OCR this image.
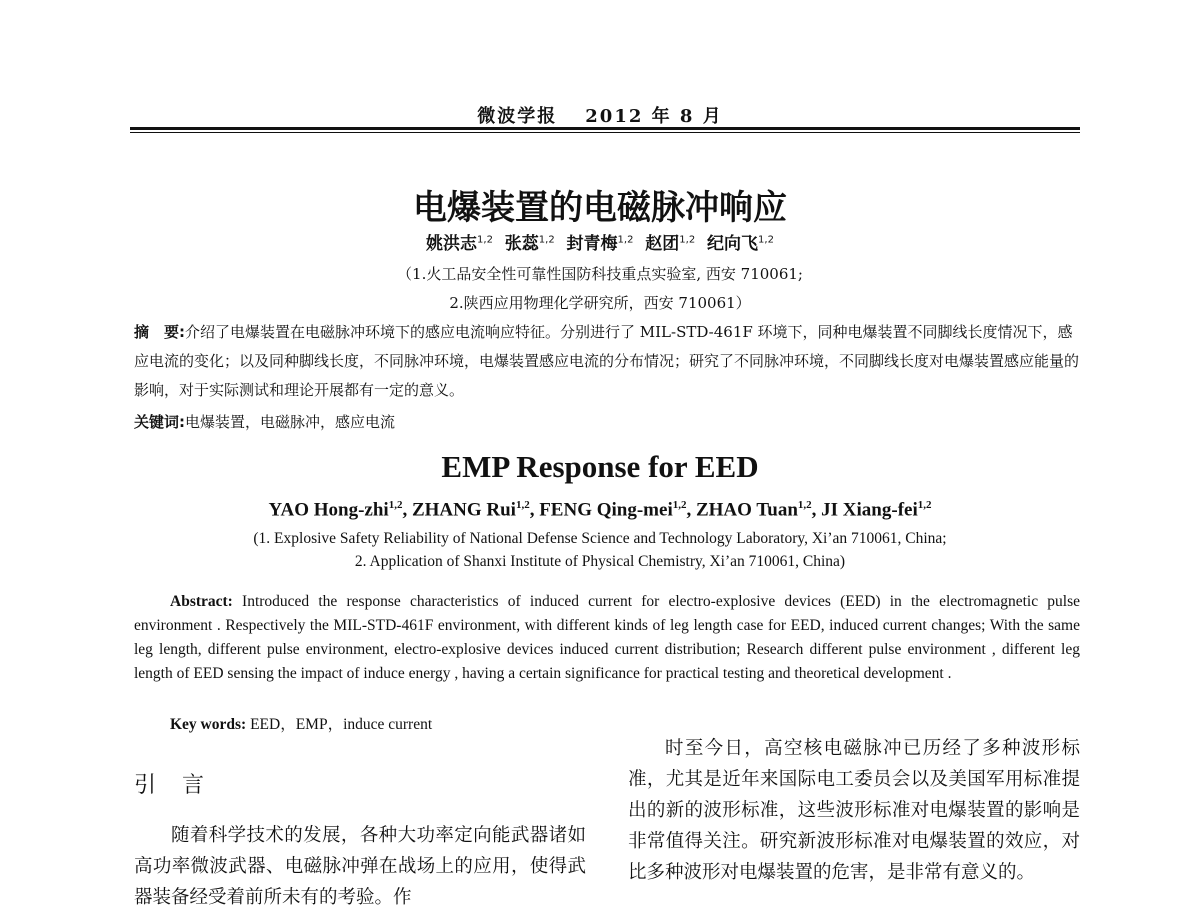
微波学报 2012 年 8 月
电爆装置的电磁脉冲响应
姚洪志$^{1,2}$ 张蕊$^{1,2}$ 封青梅$^{1,2}$ 赵团$^{1,2}$ 纪向飞$^{1,2}$
（1.火工品安全性可靠性国防科技重点实验室, 西安 710061;
2.陕西应用物理化学研究所，西安 710061）
摘　要:介绍了电爆装置在电磁脉冲环境下的感应电流响应特征。分别进行了 MIL-STD-461F 环境下，同种电爆装置不同脚线长度情况下，感应电流的变化；以及同种脚线长度，不同脉冲环境，电爆装置感应电流的分布情况；研究了不同脉冲环境，不同脚线长度对电爆装置感应能量的影响，对于实际测试和理论开展都有一定的意义。
关键词:电爆装置，电磁脉冲，感应电流
EMP Response for EED
YAO Hong-zhi$^{1,2}$, ZHANG Rui$^{1,2}$, FENG Qing-mei$^{1,2}$, ZHAO Tuan$^{1,2}$, JI Xiang-fei$^{1,2}$
(1. Explosive Safety Reliability of National Defense Science and Technology Laboratory, Xi’an 710061, China;
2. Application of Shanxi Institute of Physical Chemistry, Xi’an 710061, China)
Abstract: Introduced the response characteristics of induced current for electro-explosive devices (EED) in the electromagnetic pulse environment . Respectively the MIL-STD-461F environment, with different kinds of leg length case for EED, induced current changes; With the same leg length, different pulse environment, electro-explosive devices induced current distribution; Research different pulse environment , different leg length of EED sensing the impact of induce energy , having a certain significance for practical testing and theoretical development .
Key words: EED，EMP，induce current
引 言
随着科学技术的发展，各种大功率定向能武器诸如高功率微波武器、电磁脉冲弹在战场上的应用，使得武器装备经受着前所未有的考验。作
时至今日，高空核电磁脉冲已历经了多种波形标准，尤其是近年来国际电工委员会以及美国军用标准提出的新的波形标准，这些波形标准对电爆装置的影响是非常值得关注。研究新波形标准对电爆装置的效应，对比多种波形对电爆装置的危害，是非常有意义的。
